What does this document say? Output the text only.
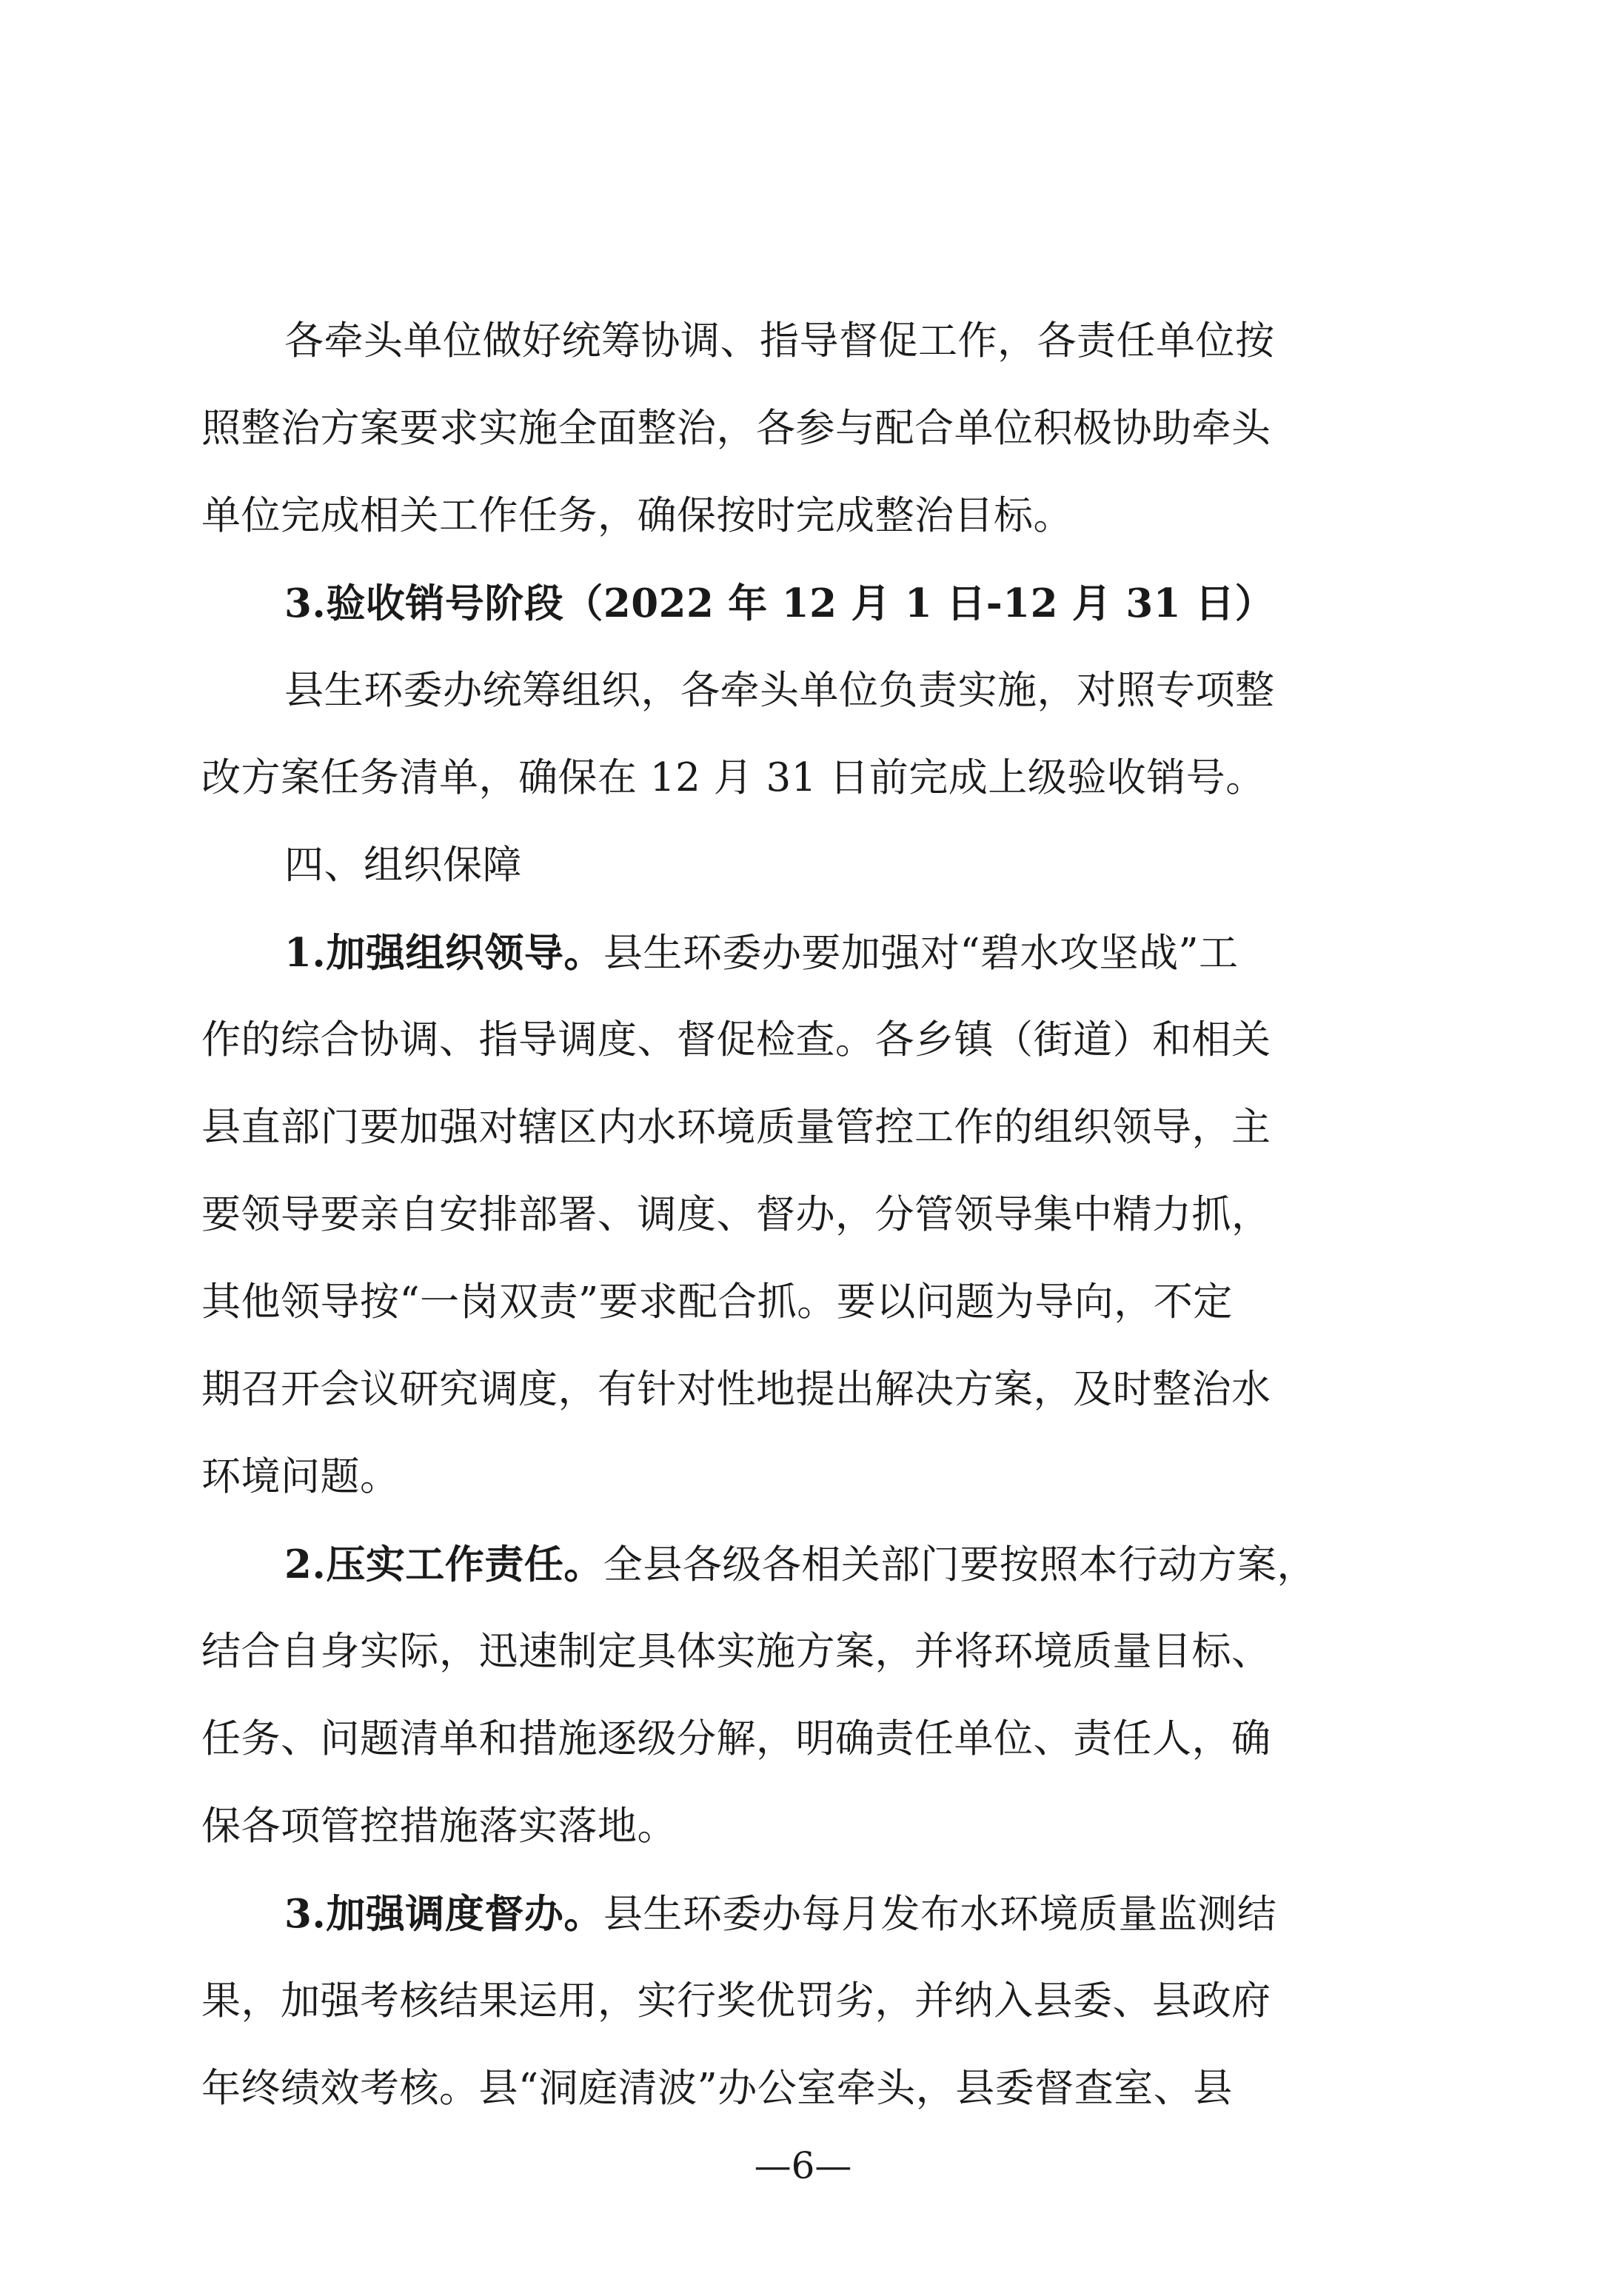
各牵头单位做好统筹协调、指导督促工作，各责任单位按
照整治方案要求实施全面整治，各参与配合单位积极协助牵头
单位完成相关工作任务，确保按时完成整治目标。
3.验收销号阶段（2022 年 12 月 1 日-12 月 31 日）
县生环委办统筹组织，各牵头单位负责实施，对照专项整
改方案任务清单，确保在 12 月 31 日前完成上级验收销号。
四、组织保障
1.加强组织领导。县生环委办要加强对“碧水攻坚战”工
作的综合协调、指导调度、督促检查。各乡镇（街道）和相关
县直部门要加强对辖区内水环境质量管控工作的组织领导，主
要领导要亲自安排部署、调度、督办，分管领导集中精力抓，
其他领导按“一岗双责”要求配合抓。要以问题为导向，不定
期召开会议研究调度，有针对性地提出解决方案，及时整治水
环境问题。
2.压实工作责任。全县各级各相关部门要按照本行动方案，
结合自身实际，迅速制定具体实施方案，并将环境质量目标、
任务、问题清单和措施逐级分解，明确责任单位、责任人，确
保各项管控措施落实落地。
3.加强调度督办。县生环委办每月发布水环境质量监测结
果，加强考核结果运用，实行奖优罚劣，并纳入县委、县政府
年终绩效考核。县“洞庭清波”办公室牵头，县委督查室、县
—6—
